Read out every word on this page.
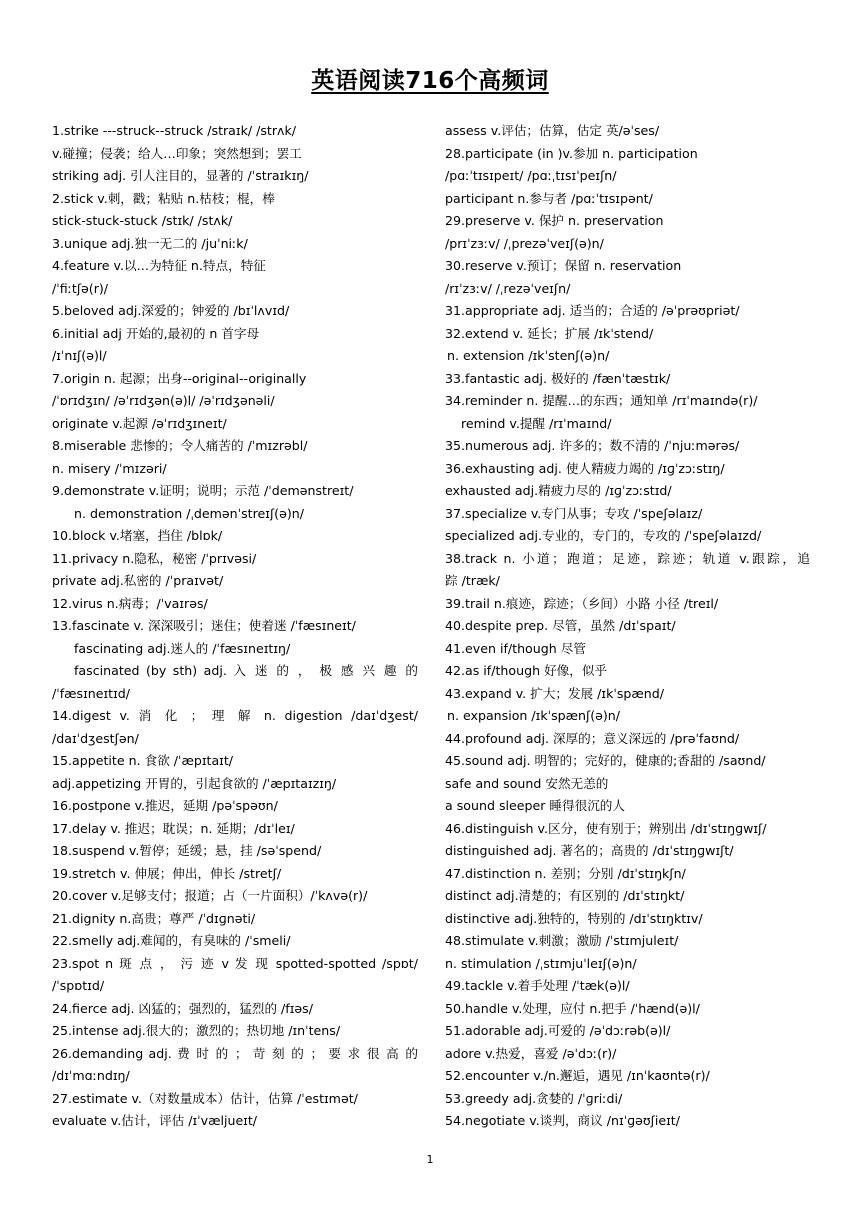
英语阅读716个高频词
1.strike ---struck--struck /straɪk/ /strʌk/
v.碰撞；侵袭；给人…印象；突然想到；罢工
striking adj. 引人注目的，显著的 /ˈstraɪkɪŋ/
2.stick v.刺，戳；粘贴 n.枯枝；棍，棒
stick-stuck-stuck /stɪk/ /stʌk/
3.unique adj.独一无二的 /juˈniːk/
4.feature v.以…为特征 n.特点，特征
/ˈfiːtʃə(r)/
5.beloved adj.深爱的；钟爱的 /bɪˈlʌvɪd/
6.initial adj 开始的,最初的 n 首字母
/ɪˈnɪʃ(ə)l/
7.origin n. 起源；出身--original--originally
/ˈɒrɪdʒɪn/ /əˈrɪdʒən(ə)l/ /əˈrɪdʒənəli/
originate v.起源 /əˈrɪdʒɪneɪt/
8.miserable 悲惨的；令人痛苦的 /ˈmɪzrəbl/
n. misery /ˈmɪzəri/
9.demonstrate v.证明；说明；示范 /ˈdemənstreɪt/
n. demonstration /ˌdemənˈstreɪʃ(ə)n/
10.block v.堵塞，挡住 /blɒk/
11.privacy n.隐私，秘密 /ˈprɪvəsi/
private adj.私密的 /ˈpraɪvət/
12.virus n.病毒；/ˈvaɪrəs/
13.fascinate v. 深深吸引；迷住；使着迷 /ˈfæsɪneɪt/
fascinating adj.迷人的 /ˈfæsɪneɪtɪŋ/
fascinated (by sth) adj. 入 迷 的 ， 极 感 兴 趣 的
/ˈfæsɪneɪtɪd/
14.digest v. 消 化 ； 理 解 n. digestion /daɪˈdʒest/
/daɪˈdʒestʃən/
15.appetite n. 食欲 /ˈæpɪtaɪt/
adj.appetizing 开胃的，引起食欲的 /ˈæpɪtaɪzɪŋ/
16.postpone v.推迟，延期 /pəˈspəʊn/
17.delay v. 推迟；耽误；n. 延期；/dɪˈleɪ/
18.suspend v.暂停；延缓；悬，挂 /səˈspend/
19.stretch v. 伸展；伸出，伸长 /stretʃ/
20.cover v.足够支付；报道；占（一片面积）/ˈkʌvə(r)/
21.dignity n.高贵；尊严 /ˈdɪɡnəti/
22.smelly adj.难闻的，有臭味的 /ˈsmeli/
23.spot n 斑 点 ， 污 迹 v 发 现 spotted-spotted /spɒt/
/ˈspɒtɪd/
24.fierce adj. 凶猛的；强烈的，猛烈的 /fɪəs/
25.intense adj.很大的；激烈的；热切地 /ɪnˈtens/
26.demanding adj. 费 时 的 ； 苛 刻 的 ； 要 求 很 高 的
/dɪˈmɑːndɪŋ/
27.estimate v.（对数量成本）估计，估算 /ˈestɪmət/
evaluate v.估计，评估 /ɪˈvæljueɪt/
assess v.评估；估算，估定 英/əˈses/
28.participate (in )v.参加 n. participation
/pɑːˈtɪsɪpeɪt/ /pɑːˌtɪsɪˈpeɪʃn/
participant n.参与者 /pɑːˈtɪsɪpənt/
29.preserve v. 保护 n. preservation
/prɪˈzɜːv/ /ˌprezəˈveɪʃ(ə)n/
30.reserve v.预订；保留 n. reservation
/rɪˈzɜːv/ /ˌrezəˈveɪʃn/
31.appropriate adj. 适当的；合适的 /əˈprəʊpriət/
32.extend v. 延长；扩展 /ɪkˈstend/
n. extension /ɪkˈstenʃ(ə)n/
33.fantastic adj. 极好的 /fænˈtæstɪk/
34.reminder n. 提醒…的东西；通知单 /rɪˈmaɪndə(r)/
remind v.提醒 /rɪˈmaɪnd/
35.numerous adj. 许多的；数不清的 /ˈnjuːmərəs/
36.exhausting adj. 使人精疲力竭的 /ɪɡˈzɔːstɪŋ/
exhausted adj.精疲力尽的 /ɪɡˈzɔːstɪd/
37.specialize v.专门从事；专攻 /ˈspeʃəlaɪz/
specialized adj.专业的，专门的，专攻的 /ˈspeʃəlaɪzd/
38.track n. 小道；跑道；足迹，踪迹；轨道 v.跟踪，追
踪 /træk/
39.trail n.痕迹，踪迹；（乡间）小路 小径 /treɪl/
40.despite prep. 尽管，虽然 /dɪˈspaɪt/
41.even if/though 尽管
42.as if/though 好像，似乎
43.expand v. 扩大；发展 /ɪkˈspænd/
n. expansion /ɪkˈspænʃ(ə)n/
44.profound adj. 深厚的；意义深远的 /prəˈfaʊnd/
45.sound adj. 明智的；完好的，健康的;香甜的 /saʊnd/
safe and sound 安然无恙的
a sound sleeper 睡得很沉的人
46.distinguish v.区分，使有别于；辨别出 /dɪˈstɪŋɡwɪʃ/
distinguished adj. 著名的；高贵的 /dɪˈstɪŋɡwɪʃt/
47.distinction n. 差别；分别 /dɪˈstɪŋkʃn/
distinct adj.清楚的；有区别的 /dɪˈstɪŋkt/
distinctive adj.独特的，特别的 /dɪˈstɪŋktɪv/
48.stimulate v.刺激；激励 /ˈstɪmjuleɪt/
n. stimulation /ˌstɪmjuˈleɪʃ(ə)n/
49.tackle v.着手处理 /ˈtæk(ə)l/
50.handle v.处理，应付 n.把手 /ˈhænd(ə)l/
51.adorable adj.可爱的 /əˈdɔːrəb(ə)l/
adore v.热爱，喜爱 /əˈdɔː(r)/
52.encounter v./n.邂逅，遇见 /ɪnˈkaʊntə(r)/
53.greedy adj.贪婪的 /ˈɡriːdi/
54.negotiate v.谈判，商议 /nɪˈɡəʊʃieɪt/
1
